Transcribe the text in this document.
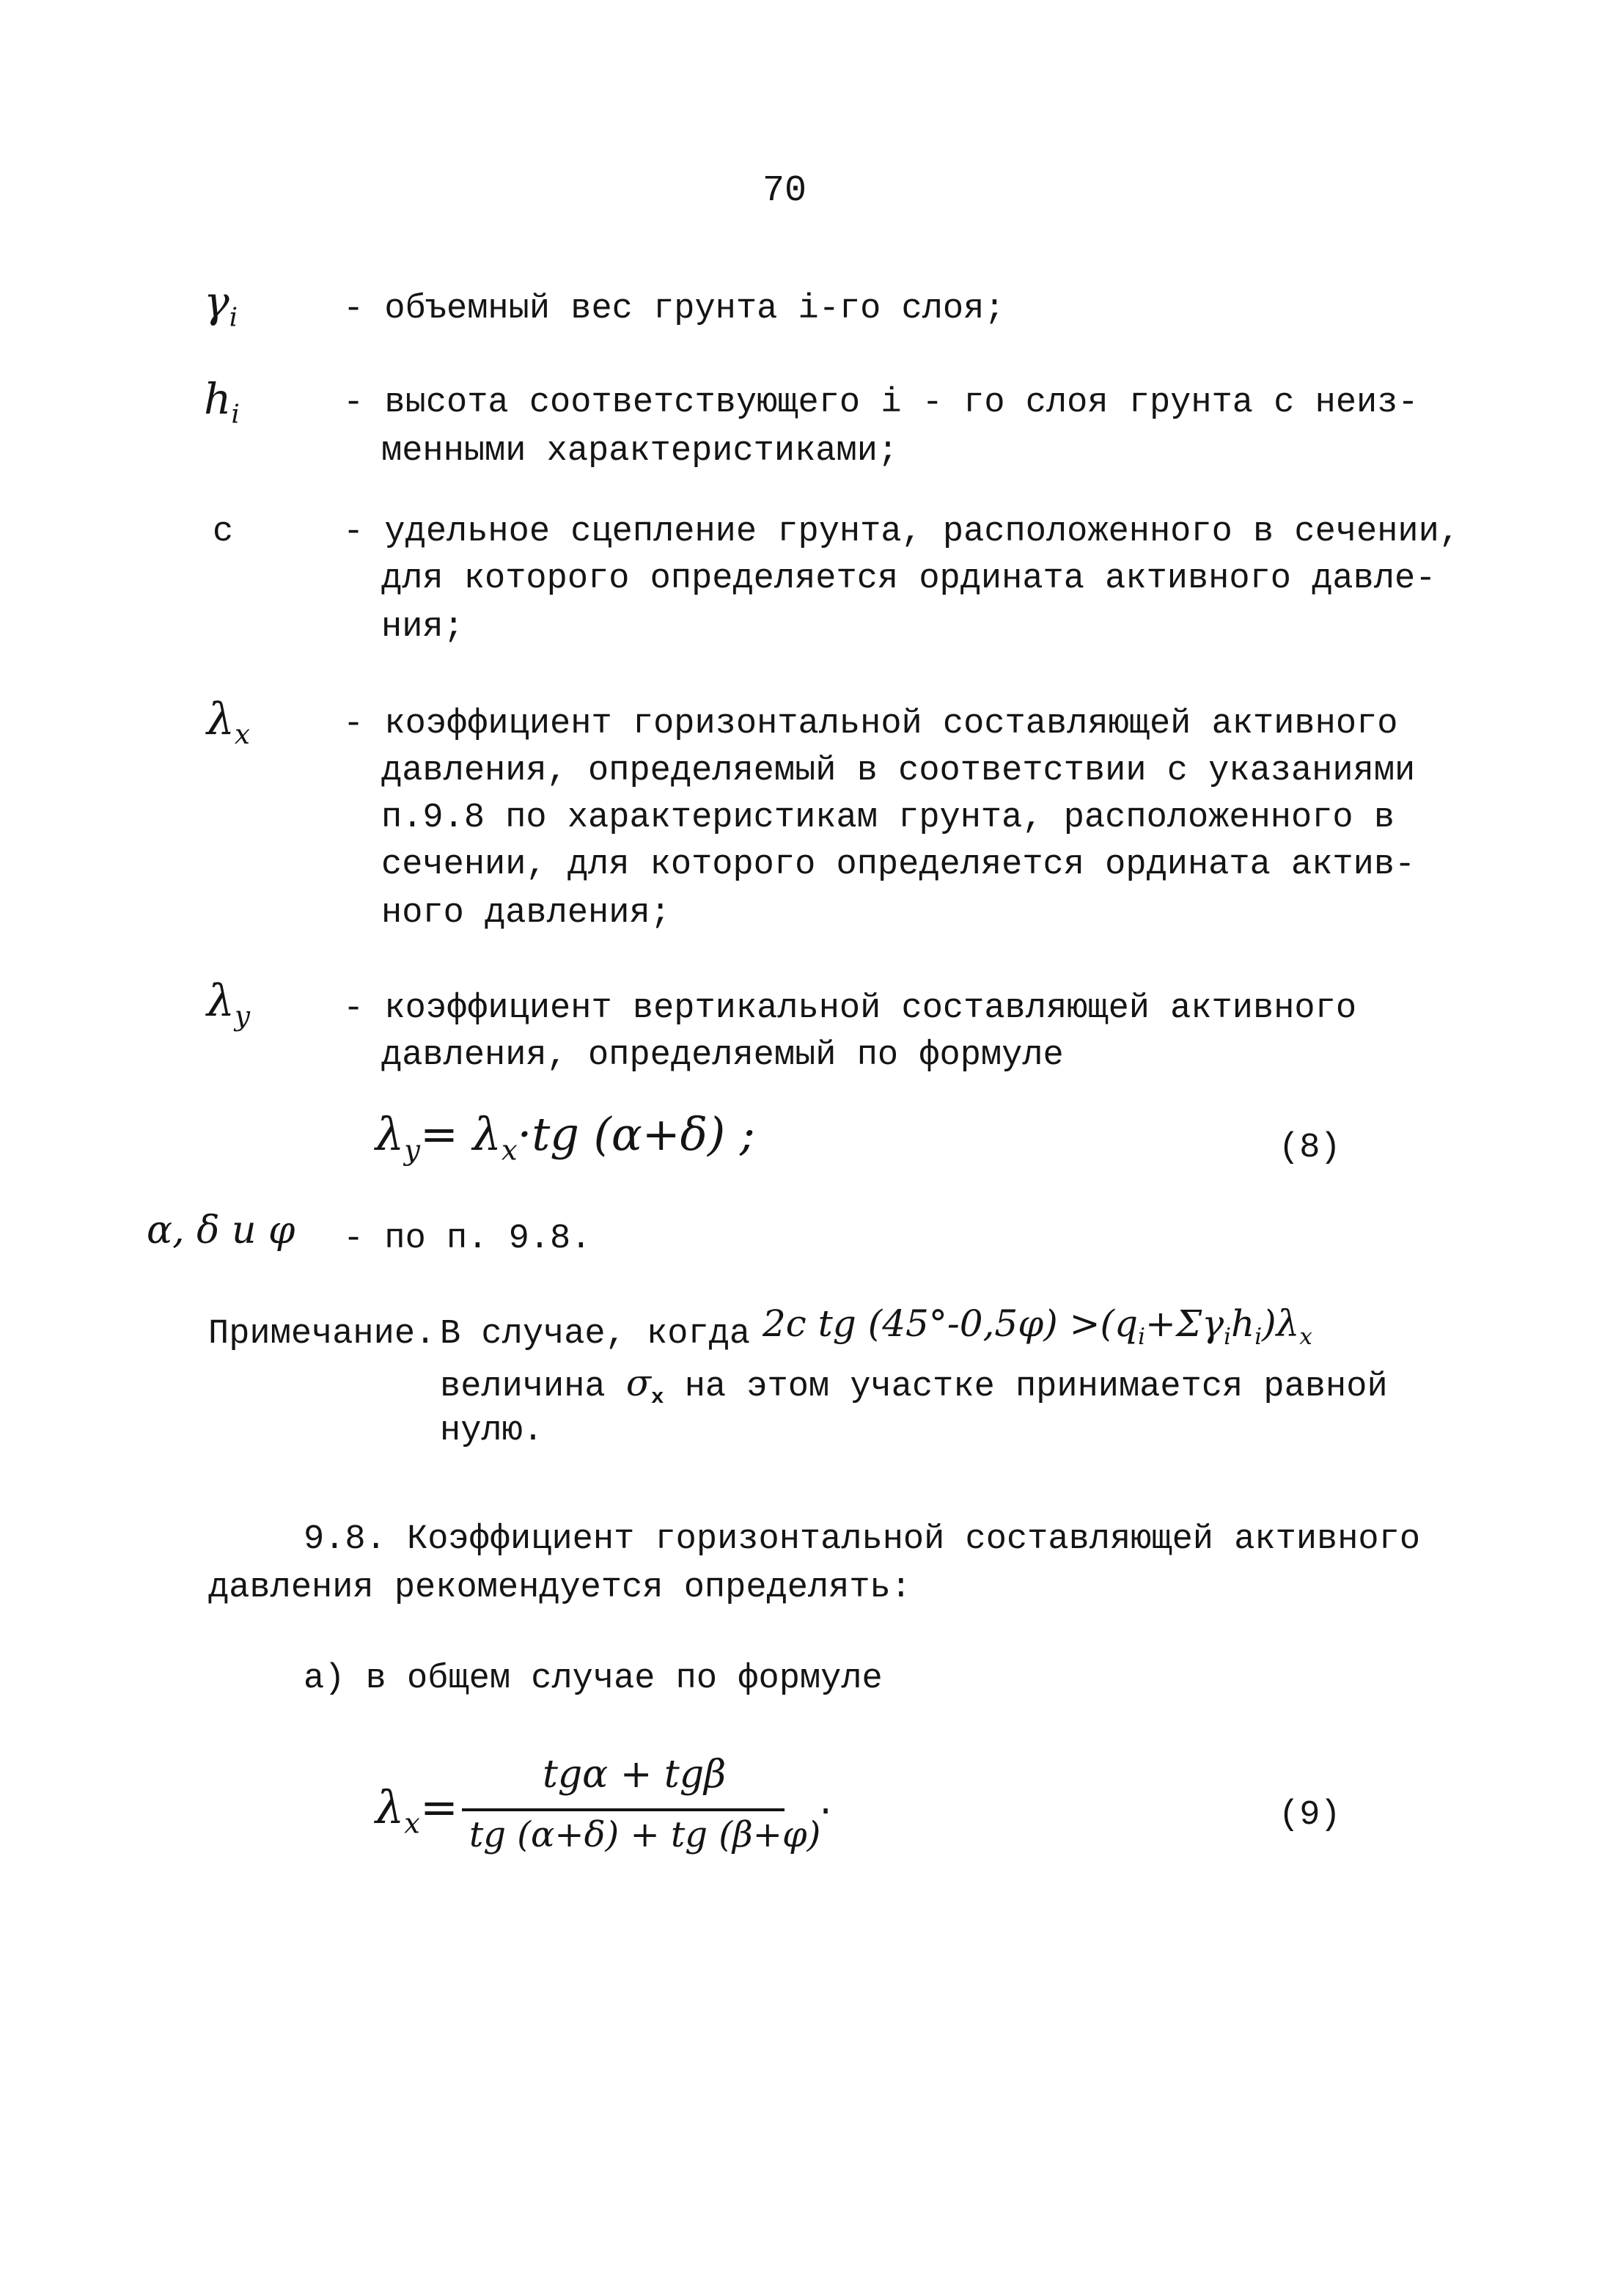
70
$\gamma_i$	- объемный вес грунта i-го слоя;
$h_i$	- высота соответствующего i - го слоя грунта с неиз-
менными характеристиками;
c	- удельное сцепление грунта, расположенного в сечении,
для которого определяется ордината активного давле-
ния;
$\lambda_x$	- коэффициент горизонтальной составляющей активного
давления, определяемый в соответствии с указаниями
п.9.8 по характеристикам грунта, расположенного в
сечении, для которого определяется ордината актив-
ного давления;
$\lambda_y$	- коэффициент вертикальной составляющей активного
давления, определяемый по формуле
$\lambda_y= \lambda_x\cdot tg$ (α+δ) ;	(8)
α, δ и φ - по п. 9.8.
Примечание. В случае, когда 2c tg $(45^\circ-0,5\varphi) >(q_i+\Sigma\gamma_ih_i)\lambda_x$
величина $\sigma_x$ на этом участке принимается равной
нулю.
9.8. Коэффициент горизонтальной составляющей активного
давления рекомендуется определять:
а) в общем случае по формуле
$\lambda_x=$
tgα + tgβ
tg (α+δ) + tg (β+φ)
.	(9)
